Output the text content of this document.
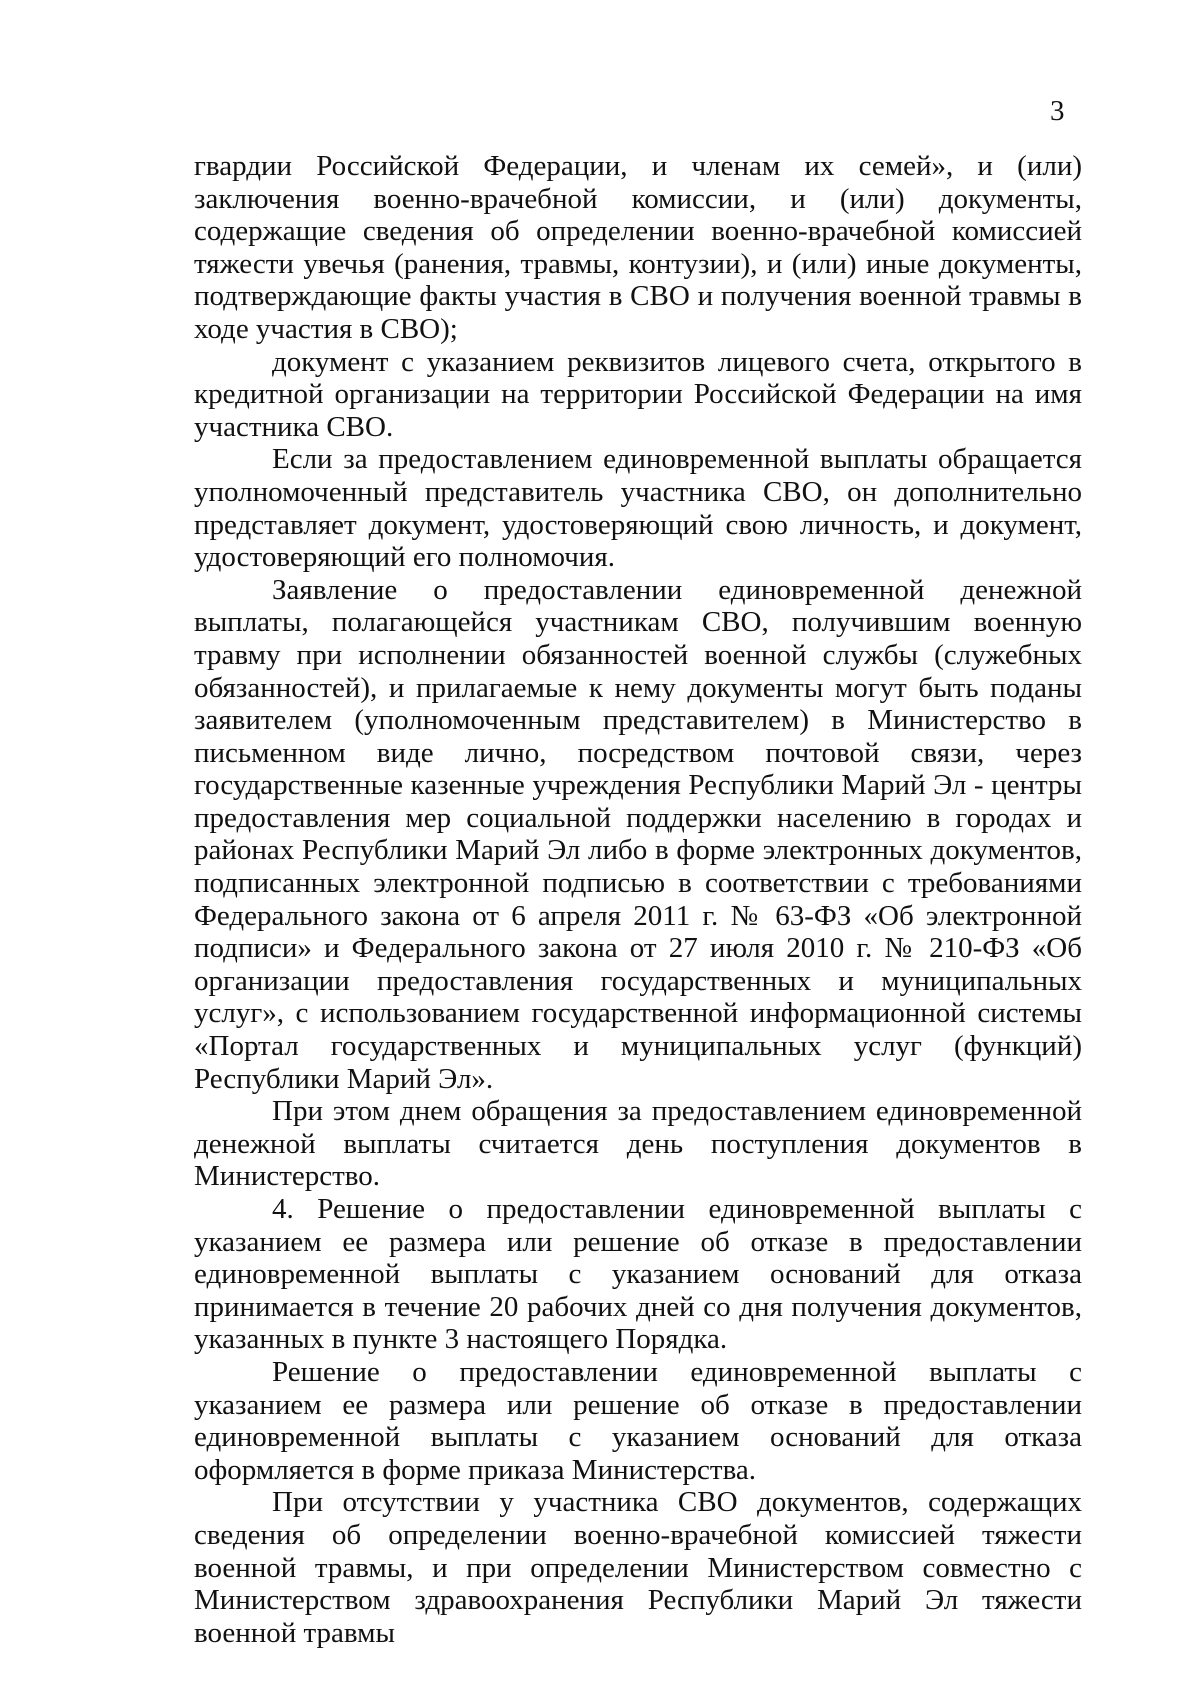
3

гвардии Российской Федерации, и членам их семей», и (или) заключения военно-врачебной комиссии, и (или) документы, содержащие сведения об определении военно-врачебной комиссией тяжести увечья (ранения, травмы, контузии), и (или) иные документы, подтверждающие факты участия в СВО и получения военной травмы в ходе участия в СВО);

документ с указанием реквизитов лицевого счета, открытого в кредитной организации на территории Российской Федерации на имя участника СВО.

Если за предоставлением единовременной выплаты обращается уполномоченный представитель участника СВО, он дополнительно представляет документ, удостоверяющий свою личность, и документ, удостоверяющий его полномочия.

Заявление о предоставлении единовременной денежной выплаты, полагающейся участникам СВО, получившим военную травму при исполнении обязанностей военной службы (служебных обязанностей), и прилагаемые к нему документы могут быть поданы заявителем (уполномоченным представителем) в Министерство в письменном виде лично, посредством почтовой связи, через государственные казенные учреждения Республики Марий Эл - центры предоставления мер социальной поддержки населению в городах и районах Республики Марий Эл либо в форме электронных документов, подписанных электронной подписью в соответствии с требованиями Федерального закона от 6 апреля 2011 г. № 63-ФЗ «Об электронной подписи» и Федерального закона от 27 июля 2010 г. № 210-ФЗ «Об организации предоставления государственных и муниципальных услуг», с использованием государственной информационной системы «Портал государственных и муниципальных услуг (функций) Республики Марий Эл».

При этом днем обращения за предоставлением единовременной денежной выплаты считается день поступления документов в Министерство.

4. Решение о предоставлении единовременной выплаты с указанием ее размера или решение об отказе в предоставлении единовременной выплаты с указанием оснований для отказа принимается в течение 20 рабочих дней со дня получения документов, указанных в пункте 3 настоящего Порядка.

Решение о предоставлении единовременной выплаты с указанием ее размера или решение об отказе в предоставлении единовременной выплаты с указанием оснований для отказа оформляется в форме приказа Министерства.

При отсутствии у участника СВО документов, содержащих сведения об определении военно-врачебной комиссией тяжести военной травмы, и при определении Министерством совместно с Министерством здравоохранения Республики Марий Эл тяжести военной травмы
